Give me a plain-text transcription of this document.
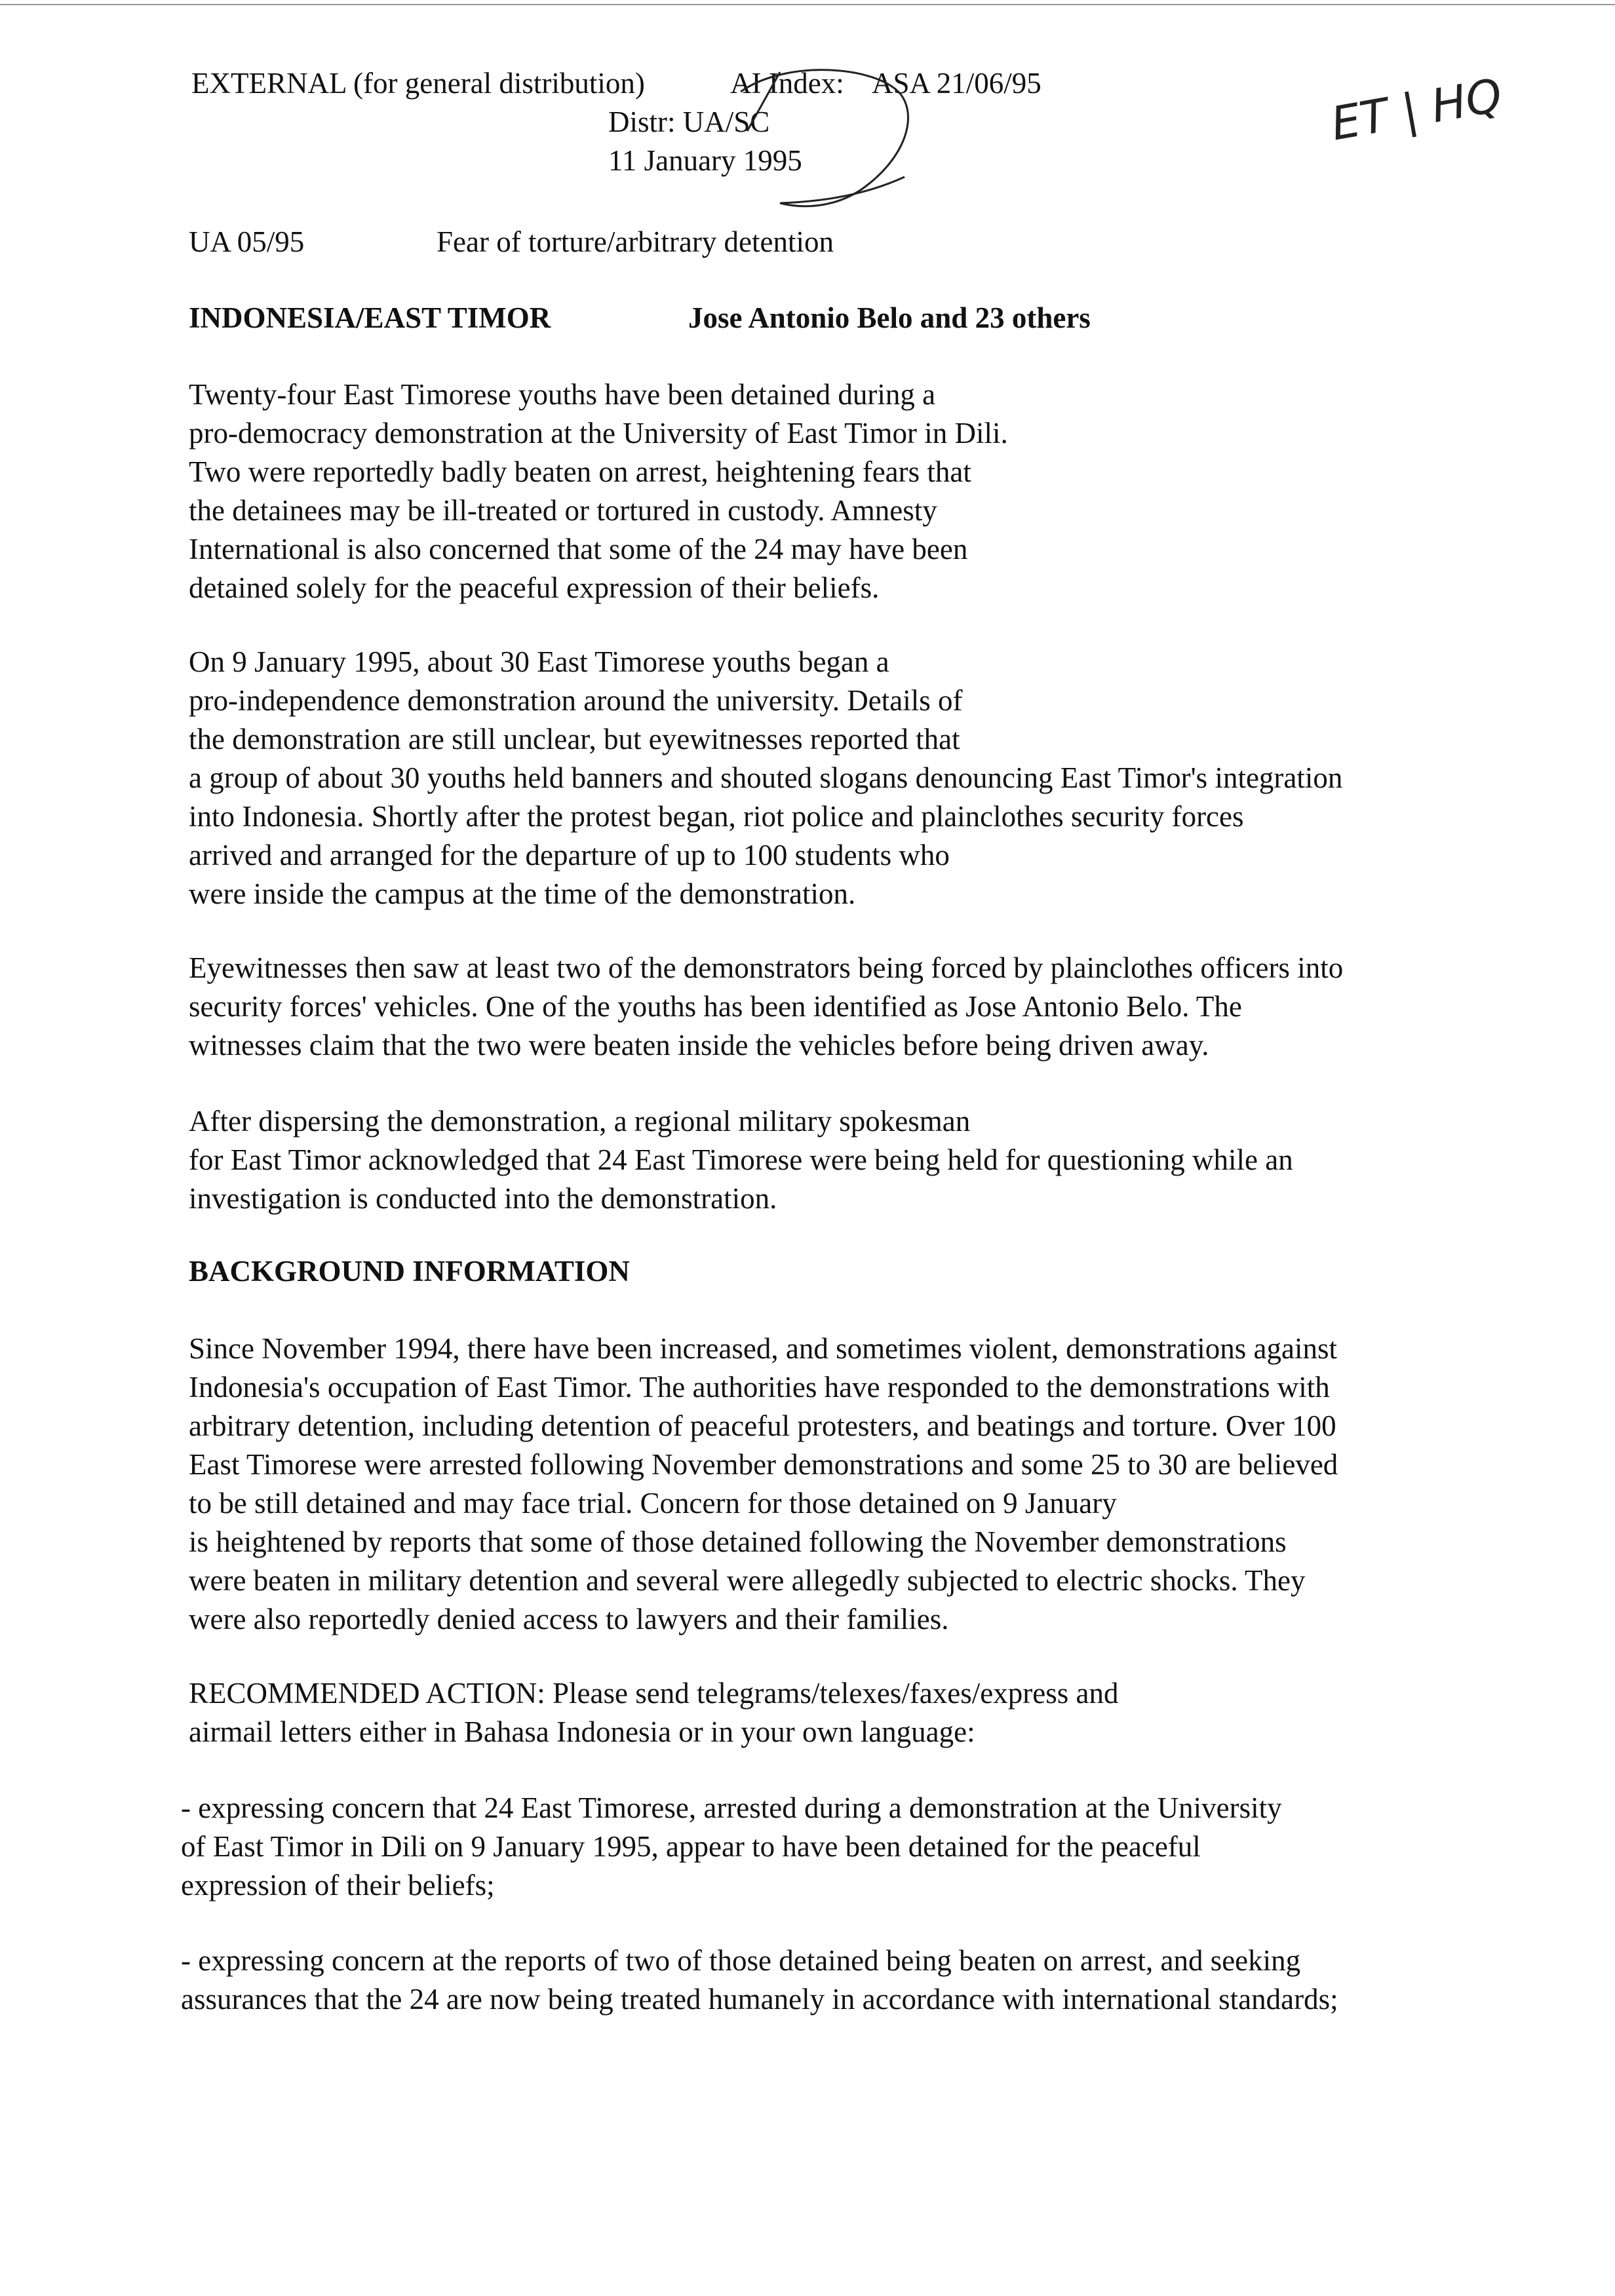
EXTERNAL (for general distribution)	AI Index: ASA 21/06/95
Distr: UA/SC
11 January 1995
ET | HQ
UA 05/95	Fear of torture/arbitrary detention
INDONESIA/EAST TIMOR	Jose Antonio Belo and 23 others

Twenty-four East Timorese youths have been detained during a
pro-democracy demonstration at the University of East Timor in Dili.
Two were reportedly badly beaten on arrest, heightening fears that
the detainees may be ill-treated or tortured in custody. Amnesty
International is also concerned that some of the 24 may have been
detained solely for the peaceful expression of their beliefs.

On 9 January 1995, about 30 East Timorese youths began a
pro-independence demonstration around the university. Details of
the demonstration are still unclear, but eyewitnesses reported that
a group of about 30 youths held banners and shouted slogans denouncing East Timor's integration
into Indonesia. Shortly after the protest began, riot police and plainclothes security forces
arrived and arranged for the departure of up to 100 students who
were inside the campus at the time of the demonstration.

Eyewitnesses then saw at least two of the demonstrators being forced by plainclothes officers into
security forces' vehicles. One of the youths has been identified as Jose Antonio Belo. The
witnesses claim that the two were beaten inside the vehicles before being driven away.

After dispersing the demonstration, a regional military spokesman
for East Timor acknowledged that 24 East Timorese were being held for questioning while an
investigation is conducted into the demonstration.

BACKGROUND INFORMATION

Since November 1994, there have been increased, and sometimes violent, demonstrations against
Indonesia's occupation of East Timor. The authorities have responded to the demonstrations with
arbitrary detention, including detention of peaceful protesters, and beatings and torture. Over 100
East Timorese were arrested following November demonstrations and some 25 to 30 are believed
to be still detained and may face trial. Concern for those detained on 9 January
is heightened by reports that some of those detained following the November demonstrations
were beaten in military detention and several were allegedly subjected to electric shocks. They
were also reportedly denied access to lawyers and their families.

RECOMMENDED ACTION: Please send telegrams/telexes/faxes/express and
airmail letters either in Bahasa Indonesia or in your own language:

- expressing concern that 24 East Timorese, arrested during a demonstration at the University
of East Timor in Dili on 9 January 1995, appear to have been detained for the peaceful
expression of their beliefs;

- expressing concern at the reports of two of those detained being beaten on arrest, and seeking
assurances that the 24 are now being treated humanely in accordance with international standards;
